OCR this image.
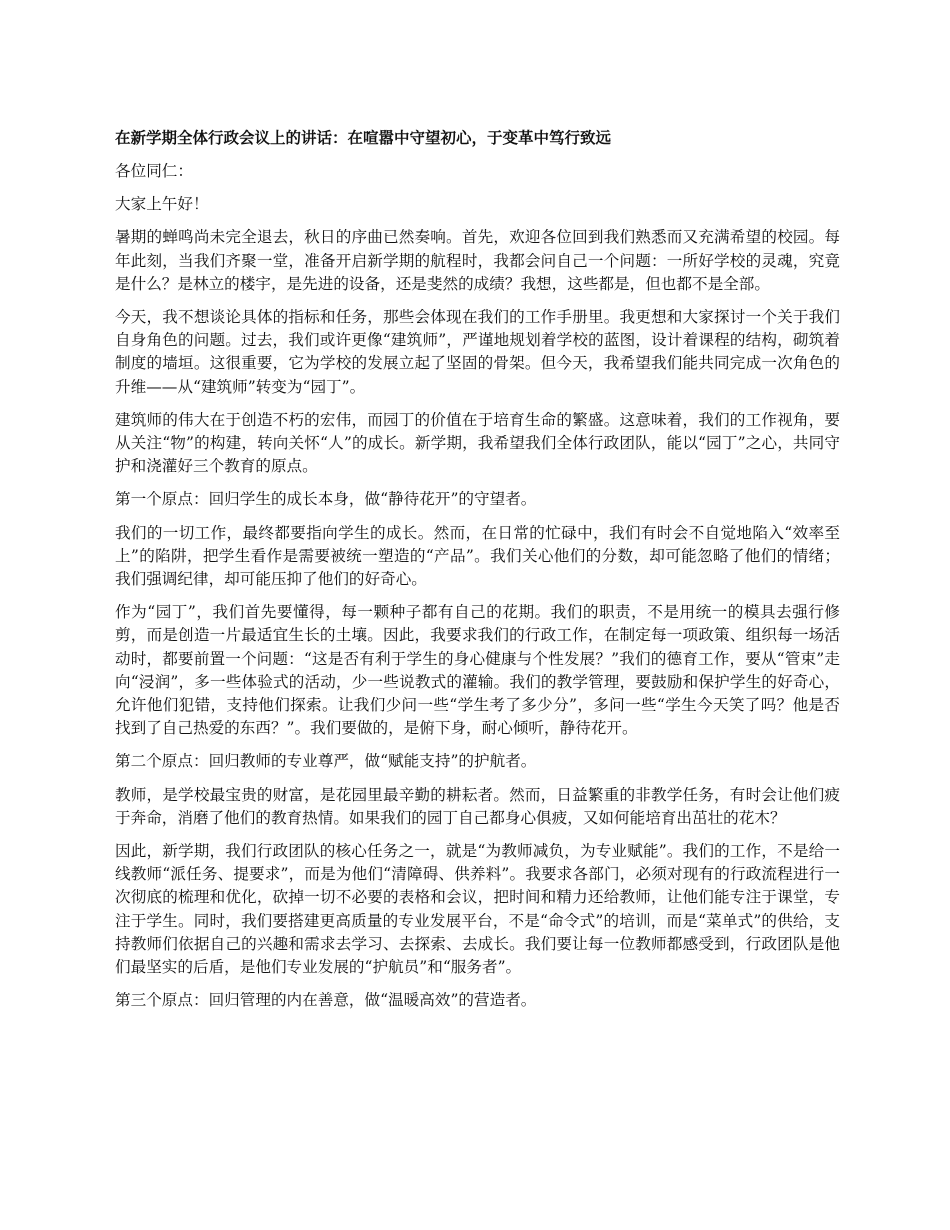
在新学期全体行政会议上的讲话：在喧嚣中守望初心，于变革中笃行致远

各位同仁：

大家上午好！

暑期的蝉鸣尚未完全退去，秋日的序曲已然奏响。首先，欢迎各位回到我们熟悉而又充满希望的校园。每年此刻，当我们齐聚一堂，准备开启新学期的航程时，我都会问自己一个问题：一所好学校的灵魂，究竟是什么？是林立的楼宇，是先进的设备，还是斐然的成绩？我想，这些都是，但也都不是全部。

今天，我不想谈论具体的指标和任务，那些会体现在我们的工作手册里。我更想和大家探讨一个关于我们自身角色的问题。过去，我们或许更像“建筑师”，严谨地规划着学校的蓝图，设计着课程的结构，砌筑着制度的墙垣。这很重要，它为学校的发展立起了坚固的骨架。但今天，我希望我们能共同完成一次角色的升维——从“建筑师”转变为“园丁”。

建筑师的伟大在于创造不朽的宏伟，而园丁的价值在于培育生命的繁盛。这意味着，我们的工作视角，要从关注“物”的构建，转向关怀“人”的成长。新学期，我希望我们全体行政团队，能以“园丁”之心，共同守护和浇灌好三个教育的原点。

第一个原点：回归学生的成长本身，做“静待花开”的守望者。

我们的一切工作，最终都要指向学生的成长。然而，在日常的忙碌中，我们有时会不自觉地陷入“效率至上”的陷阱，把学生看作是需要被统一塑造的“产品”。我们关心他们的分数，却可能忽略了他们的情绪；我们强调纪律，却可能压抑了他们的好奇心。

作为“园丁”，我们首先要懂得，每一颗种子都有自己的花期。我们的职责，不是用统一的模具去强行修剪，而是创造一片最适宜生长的土壤。因此，我要求我们的行政工作，在制定每一项政策、组织每一场活动时，都要前置一个问题：“这是否有利于学生的身心健康与个性发展？”我们的德育工作，要从“管束”走向“浸润”，多一些体验式的活动，少一些说教式的灌输。我们的教学管理，要鼓励和保护学生的好奇心，允许他们犯错，支持他们探索。让我们少问一些“学生考了多少分”，多问一些“学生今天笑了吗？他是否找到了自己热爱的东西？”。我们要做的，是俯下身，耐心倾听，静待花开。

第二个原点：回归教师的专业尊严，做“赋能支持”的护航者。

教师，是学校最宝贵的财富，是花园里最辛勤的耕耘者。然而，日益繁重的非教学任务，有时会让他们疲于奔命，消磨了他们的教育热情。如果我们的园丁自己都身心俱疲，又如何能培育出茁壮的花木？

因此，新学期，我们行政团队的核心任务之一，就是“为教师减负，为专业赋能”。我们的工作，不是给一线教师“派任务、提要求”，而是为他们“清障碍、供养料”。我要求各部门，必须对现有的行政流程进行一次彻底的梳理和优化，砍掉一切不必要的表格和会议，把时间和精力还给教师，让他们能专注于课堂，专注于学生。同时，我们要搭建更高质量的专业发展平台，不是“命令式”的培训，而是“菜单式”的供给，支持教师们依据自己的兴趣和需求去学习、去探索、去成长。我们要让每一位教师都感受到，行政团队是他们最坚实的后盾，是他们专业发展的“护航员”和“服务者”。

第三个原点：回归管理的内在善意，做“温暖高效”的营造者。
